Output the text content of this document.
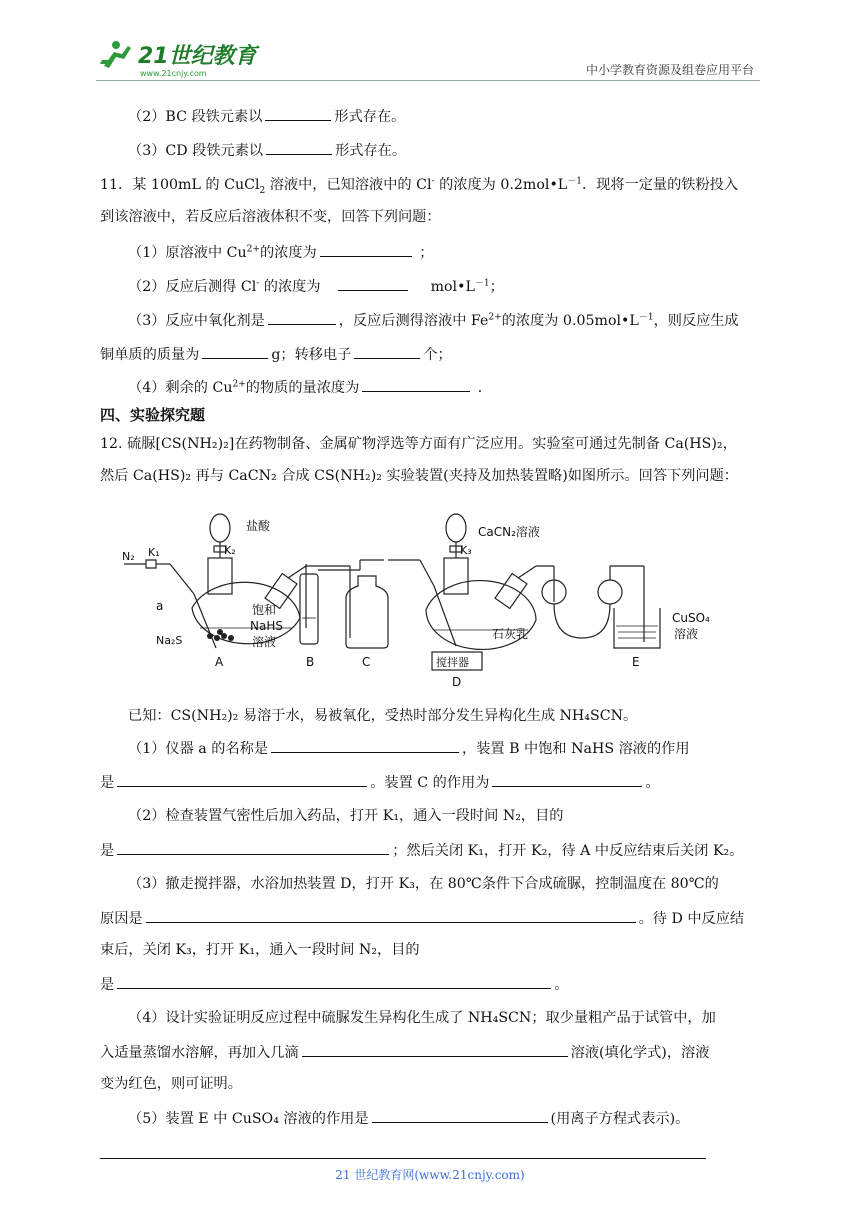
21世纪教育
www.21cnjy.com	中小学教育资源及组卷应用平台
（2）BC 段铁元素以	形式存在。
（3）CD 段铁元素以	形式存在。
11．某 100mL 的 CuCl$_2$ 溶液中，已知溶液中的 Cl- 的浓度为 $0.2mol•L^{-1}$．现将一定量的铁粉投入
到该溶液中，若反应后溶液体积不变，回答下列问题：
（1）原溶液中 $Cu^{2+}$的浓度为	；
（2）反应后测得 Cl- 的浓度为	$mol•L^{-1}$；
（3）反应中氧化剂是	，反应后测得溶液中 $Fe^{2+}$的浓度为 $0.05mol•L^{-1}$，则反应生成
铜单质的质量为	g；转移电子	个；
（4）剩余的 $Cu^{2+}$的物质的量浓度为	．
四、实验探究题
12. 硫脲[CS(NH₂)₂]在药物制备、金属矿物浮选等方面有广泛应用。实验室可通过先制备 Ca(HS)₂，
然后 Ca(HS)₂ 再与 CaCN₂ 合成 CS(NH₂)₂ 实验装置(夹持及加热装置略)如图所示。回答下列问题：
盐酸
K₂
K₁
N₂
a
Na₂S
饱和
NaHS
溶液
CaCN₂溶液
K₃
石灰乳
搅拌器
CuSO₄
溶液
A	B	C
D
E
已知：CS(NH₂)₂ 易溶于水，易被氧化，受热时部分发生异构化生成 NH₄SCN。
（1）仪器 a 的名称是	，装置 B 中饱和 NaHS 溶液的作用
是	。装置 C 的作用为	。
（2）检查装置气密性后加入药品，打开 K₁，通入一段时间 N₂，目的
是	；然后关闭 K₁，打开 K₂，待 A 中反应结束后关闭 K₂。
（3）撤走搅拌器，水浴加热装置 D，打开 K₃，在 80℃条件下合成硫脲，控制温度在 80℃的
原因是	。待 D 中反应结
束后，关闭 K₃，打开 K₁，通入一段时间 N₂，目的
是	。
（4）设计实验证明反应过程中硫脲发生异构化生成了 NH₄SCN；取少量粗产品于试管中，加
入适量蒸馏水溶解，再加入几滴	溶液(填化学式)，溶液
变为红色，则可证明。
（5）装置 E 中 CuSO₄ 溶液的作用是	(用离子方程式表示)。
21 世纪教育网(www.21cnjy.com)
